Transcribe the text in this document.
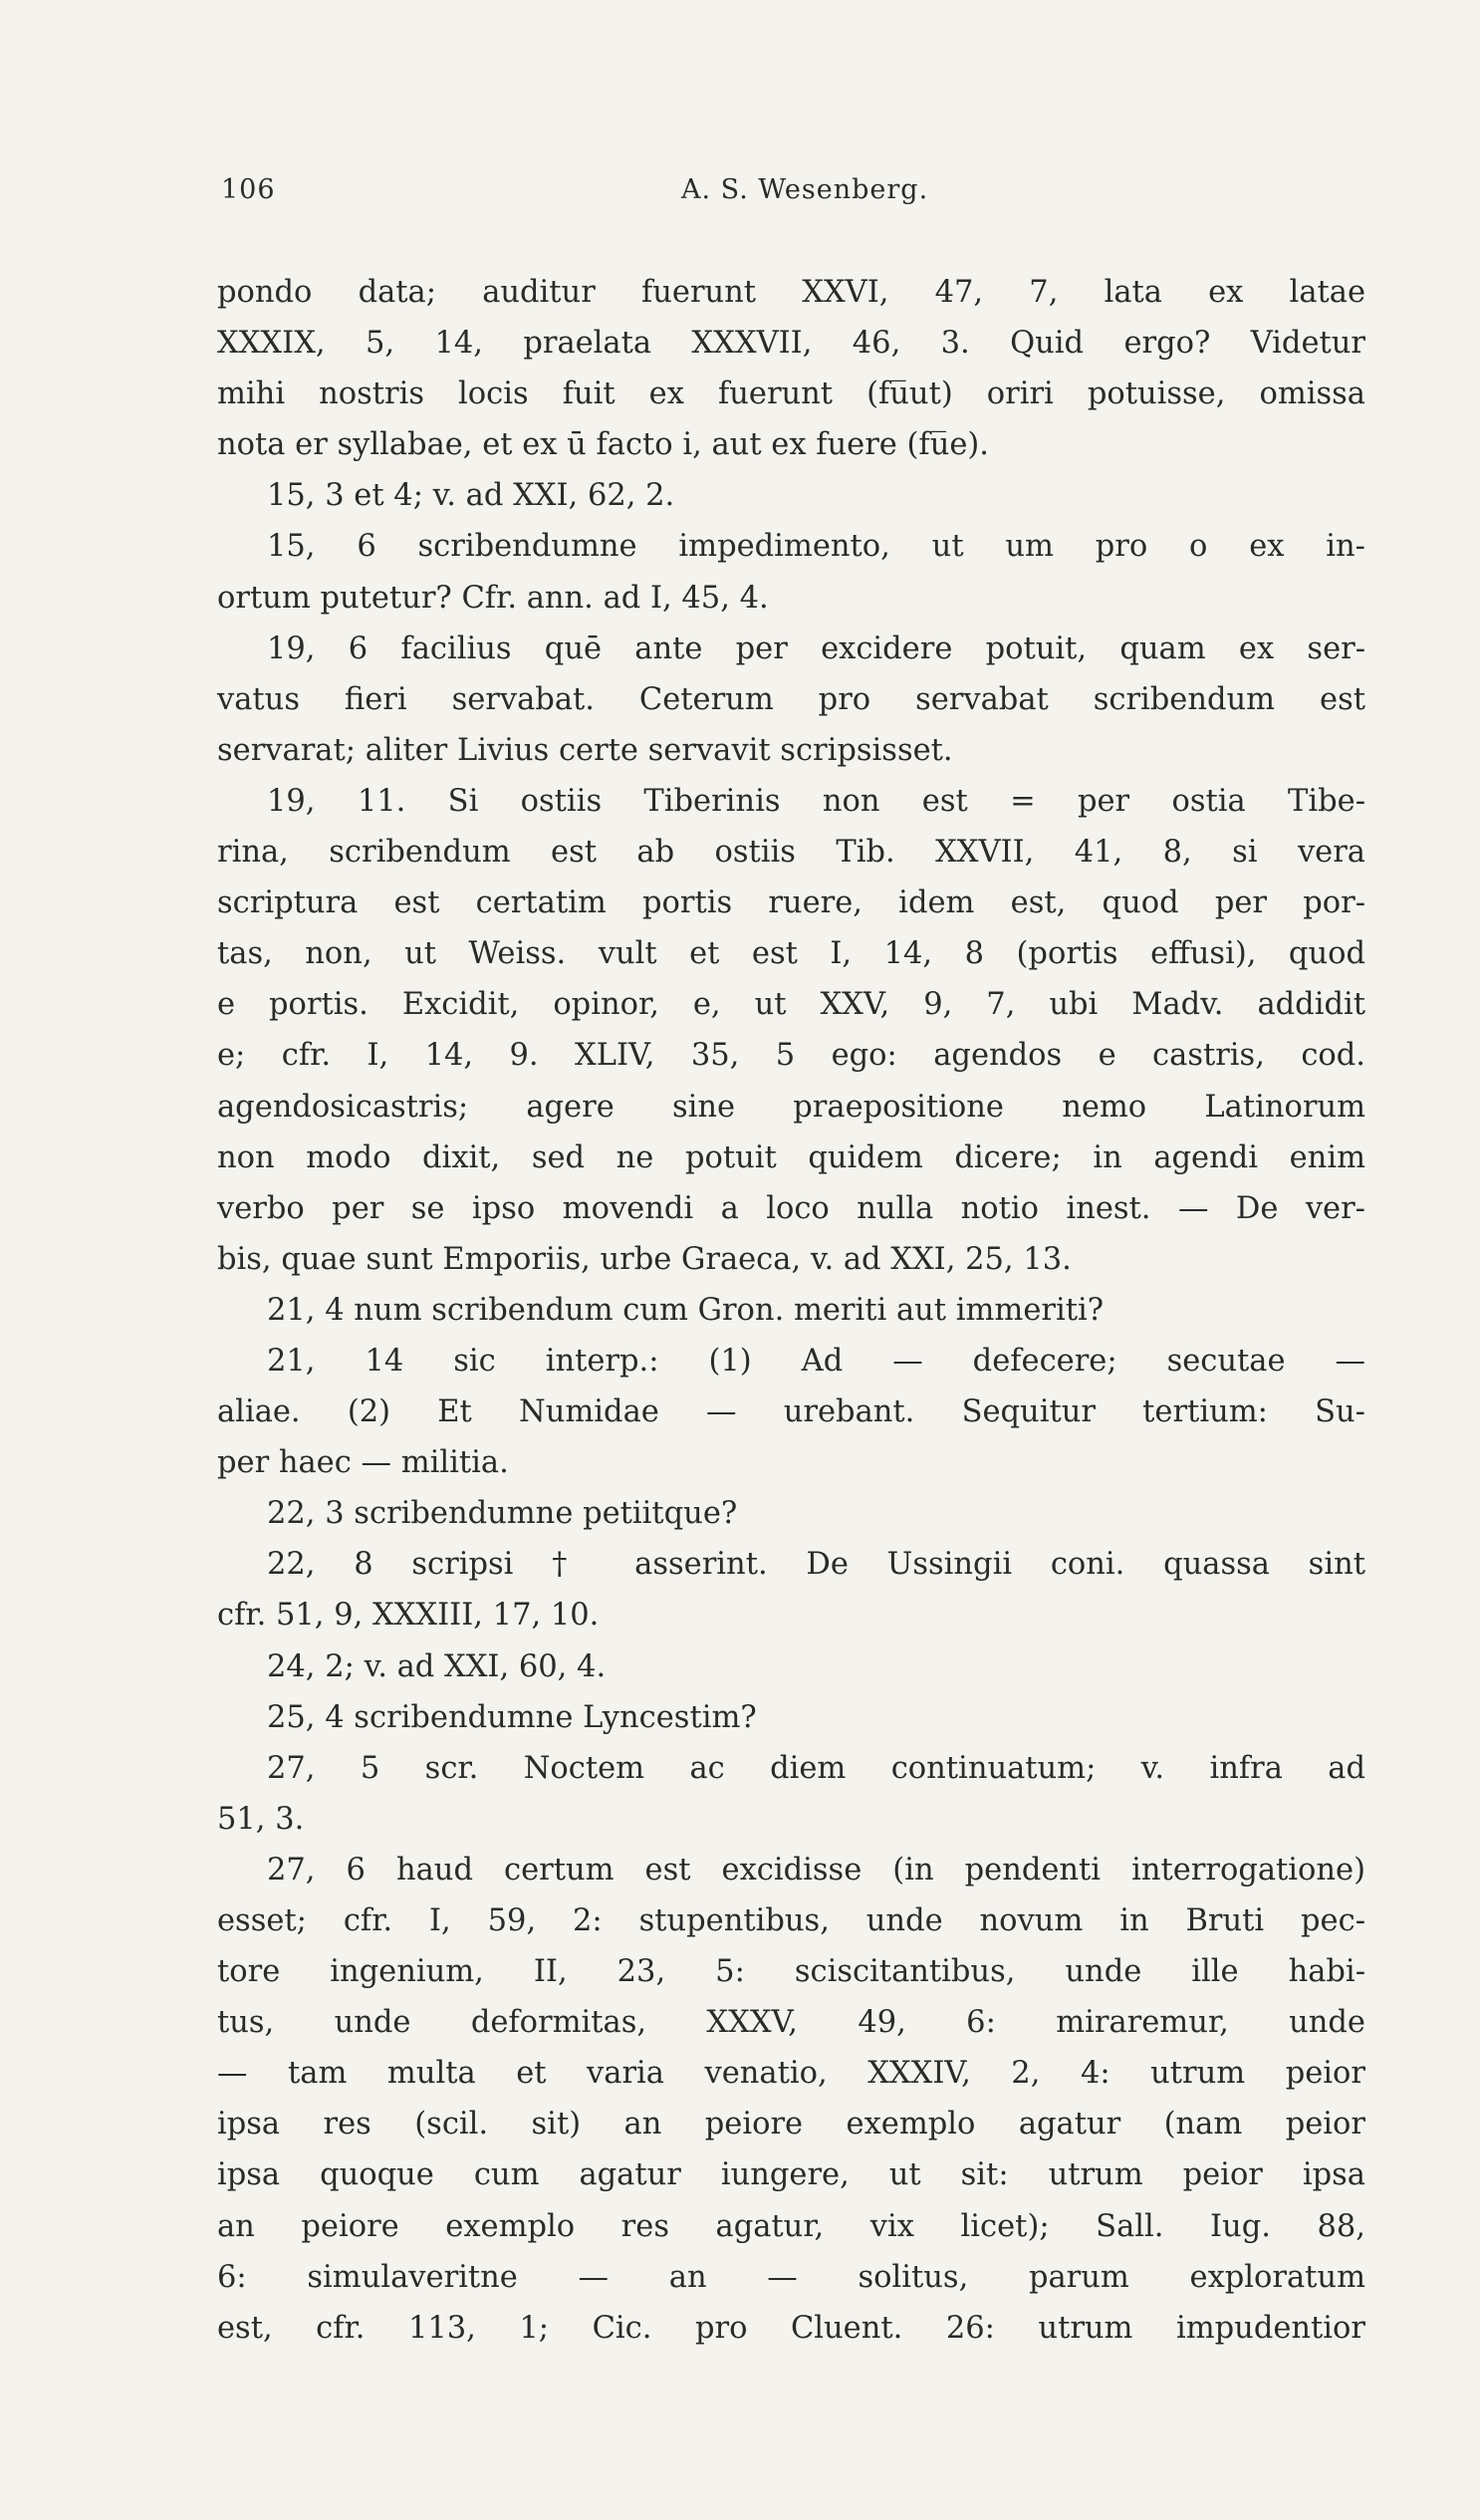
106	A. S. Wesenberg.
pondo data; auditur fuerunt XXVI, 47, 7, lata ex latae
XXXIX, 5, 14, praelata XXXVII, 46, 3. Quid ergo? Videtur
mihi nostris locis fuit ex fuerunt (fu̅ut) oriri potuisse, omissa
nota er syllabae, et ex ū facto i, aut ex fuere (fu̅e).
15, 3 et 4; v. ad XXI, 62, 2.
15, 6 scribendumne impedimento, ut um pro o ex in-
ortum putetur? Cfr. ann. ad I, 45, 4.
19, 6 facilius quē ante per excidere potuit, quam ex ser-
vatus fieri servabat. Ceterum pro servabat scribendum est
servarat; aliter Livius certe servavit scripsisset.
19, 11. Si ostiis Tiberinis non est = per ostia Tibe-
rina, scribendum est ab ostiis Tib. XXVII, 41, 8, si vera
scriptura est certatim portis ruere, idem est, quod per por-
tas, non, ut Weiss. vult et est I, 14, 8 (portis effusi), quod
e portis. Excidit, opinor, e, ut XXV, 9, 7, ubi Madv. addidit
e; cfr. I, 14, 9. XLIV, 35, 5 ego: agendos e castris, cod.
agendosicastris; agere sine praepositione nemo Latinorum
non modo dixit, sed ne potuit quidem dicere; in agendi enim
verbo per se ipso movendi a loco nulla notio inest. — De ver-
bis, quae sunt Emporiis, urbe Graeca, v. ad XXI, 25, 13.
21, 4 num scribendum cum Gron. meriti aut immeriti?
21, 14 sic interp.: (1) Ad — defecere; secutae —
aliae. (2) Et Numidae — urebant. Sequitur tertium: Su-
per haec — militia.
22, 3 scribendumne petiitque?
22, 8 scripsi † asserint. De Ussingii coni. quassa sint
cfr. 51, 9, XXXIII, 17, 10.
24, 2; v. ad XXI, 60, 4.
25, 4 scribendumne Lyncestim?
27, 5 scr. Noctem ac diem continuatum; v. infra ad
51, 3.
27, 6 haud certum est excidisse (in pendenti interrogatione)
esset; cfr. I, 59, 2: stupentibus, unde novum in Bruti pec-
tore ingenium, II, 23, 5: sciscitantibus, unde ille habi-
tus, unde deformitas, XXXV, 49, 6: miraremur, unde
— tam multa et varia venatio, XXXIV, 2, 4: utrum peior
ipsa res (scil. sit) an peiore exemplo agatur (nam peior
ipsa quoque cum agatur iungere, ut sit: utrum peior ipsa
an peiore exemplo res agatur, vix licet); Sall. Iug. 88,
6: simulaveritne — an — solitus, parum exploratum
est, cfr. 113, 1; Cic. pro Cluent. 26: utrum impudentior
